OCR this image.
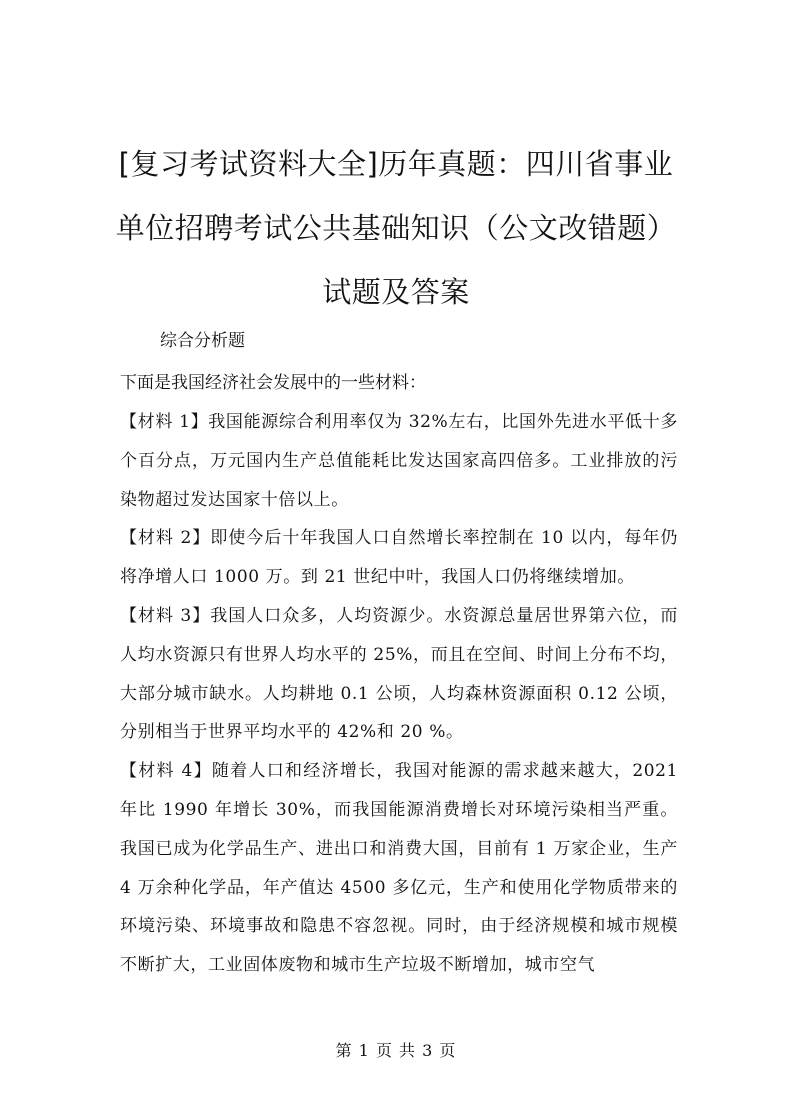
[复习考试资料大全]历年真题：四川省事业单位招聘考试公共基础知识（公文改错题）试题及答案
综合分析题
下面是我国经济社会发展中的一些材料：

【材料 1】我国能源综合利用率仅为 32%左右，比国外先进水平低十多 个百分点，万元国内生产总值能耗比发达国家高四倍多。工业排放的污染物超过发达国家十倍以上。

【材料 2】即使今后十年我国人口自然增长率控制在 10 以内，每年仍将净增人口 1000 万。到 21 世纪中叶，我国人口仍将继续增加。

【材料 3】我国人口众多，人均资源少。水资源总量居世界第六位，而人均水资源只有世界人均水平的 25%，而且在空间、时间上分布不均，大部分城市缺水。人均耕地 0.1 公顷，人均森林资源面积 0.12 公顷，分别相当于世界平均水平的 42%和 20 %。

【材料 4】随着人口和经济增长，我国对能源的需求越来越大，2021 年比 1990 年增长 30%，而我国能源消费增长对环境污染相当严重。我国已成为化学品生产、进出口和消费大国，目前有 1 万家企业，生产 4 万余种化学品，年产值达 4500 多亿元，生产和使用化学物质带来的环境污染、环境事故和隐患不容忽视。同时，由于经济规模和城市规模不断扩大，工业固体废物和城市生产垃圾不断增加，城市空气

第 1 页 共 3 页
